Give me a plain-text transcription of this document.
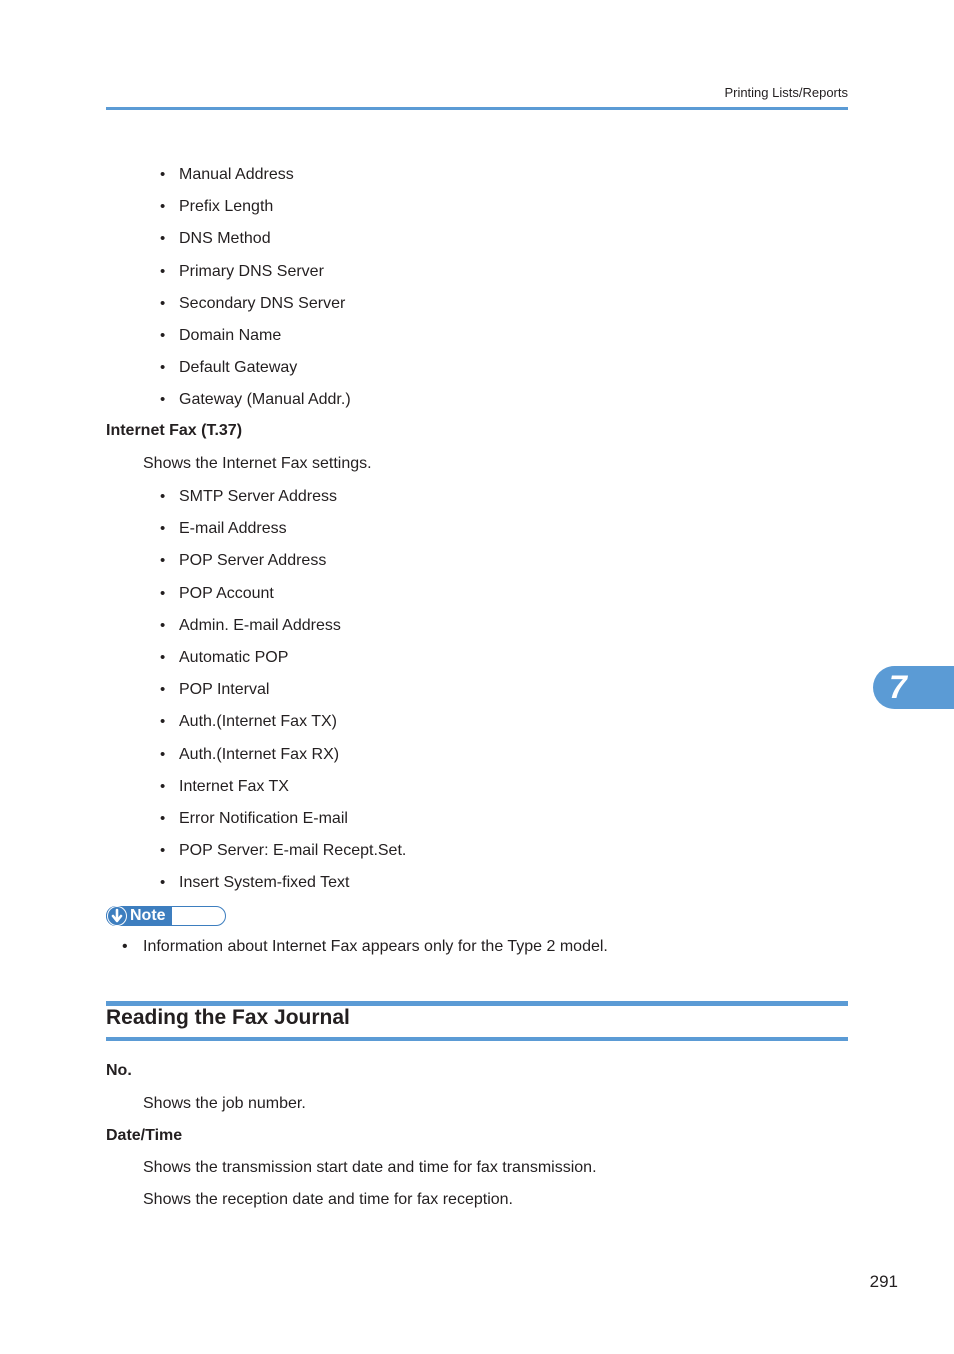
Printing Lists/Reports
• Manual Address
• Prefix Length
• DNS Method
• Primary DNS Server
• Secondary DNS Server
• Domain Name
• Default Gateway
• Gateway (Manual Addr.)
Internet Fax (T.37)
Shows the Internet Fax settings.
• SMTP Server Address
• E-mail Address
• POP Server Address
• POP Account
• Admin. E-mail Address
• Automatic POP
• POP Interval
• Auth.(Internet Fax TX)
• Auth.(Internet Fax RX)
• Internet Fax TX
• Error Notification E-mail
• POP Server: E-mail Recept.Set.
• Insert System-fixed Text
Note
• Information about Internet Fax appears only for the Type 2 model.
Reading the Fax Journal
No.
Shows the job number.
Date/Time
Shows the transmission start date and time for fax transmission.
Shows the reception date and time for fax reception.
7
291
